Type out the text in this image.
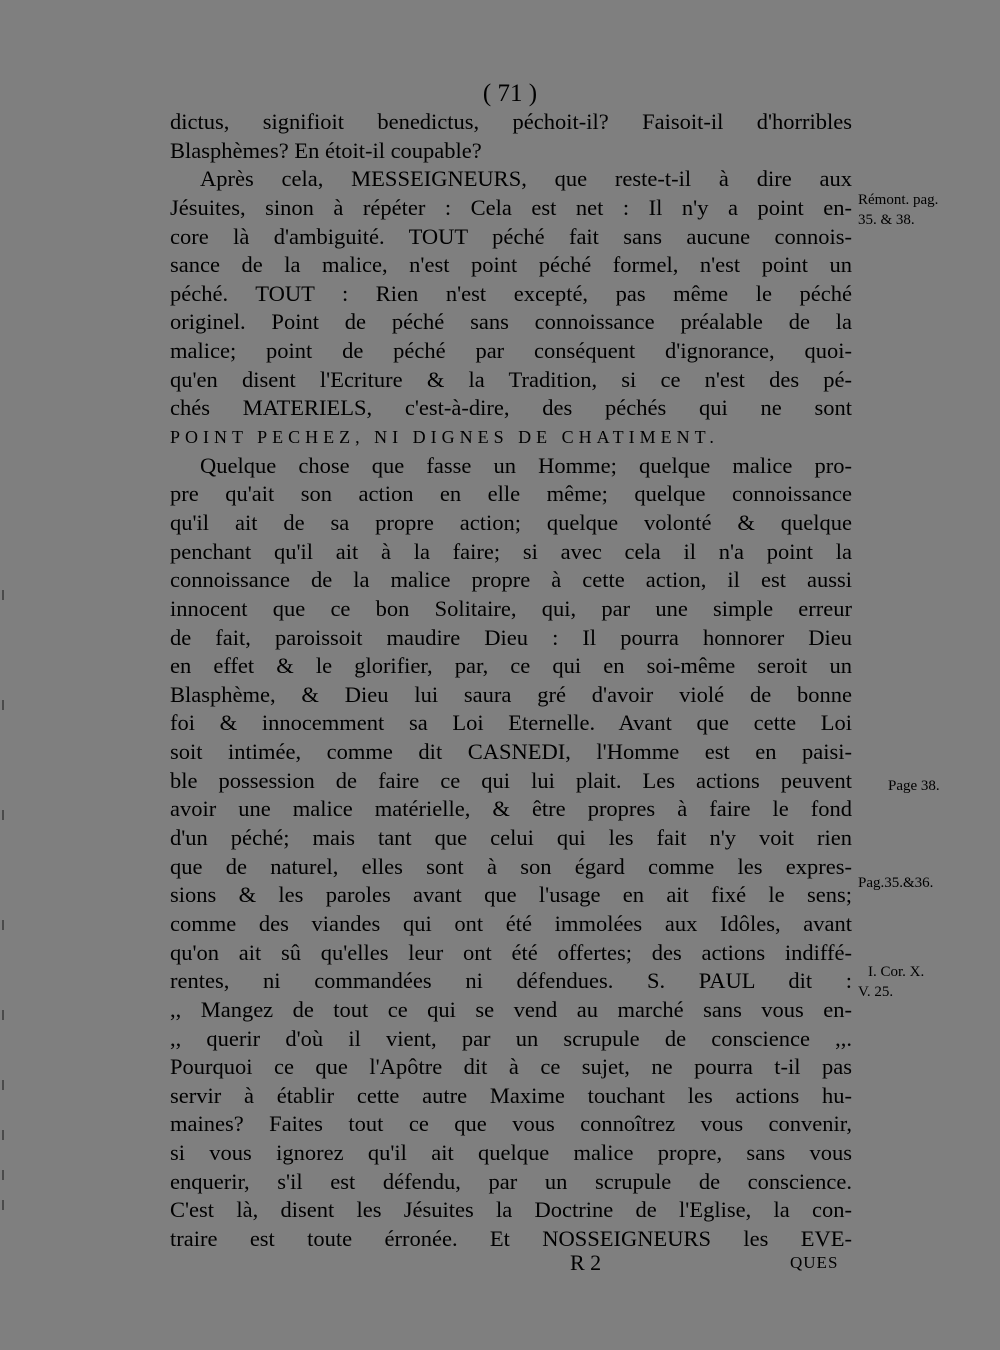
( 71 )
dictus, signifioit benedictus, péchoit-il? Faisoit-il d'horribles
Blasphèmes? En étoit-il coupable?
Après cela, MESSEIGNEURS, que reste-t-il à dire aux
Jésuites, sinon à répéter : Cela est net : Il n'y a point en-
core là d'ambiguité. TOUT péché fait sans aucune connois-
sance de la malice, n'est point péché formel, n'est point un
péché. TOUT : Rien n'est excepté, pas même le péché
originel. Point de péché sans connoissance préalable de la
malice; point de péché par conséquent d'ignorance, quoi-
qu'en disent l'Ecriture & la Tradition, si ce n'est des pé-
chés MATERIELS, c'est-à-dire, des péchés qui ne sont
POINT PECHEZ, NI DIGNES DE CHATIMENT.
Quelque chose que fasse un Homme; quelque malice pro-
pre qu'ait son action en elle même; quelque connoissance
qu'il ait de sa propre action; quelque volonté & quelque
penchant qu'il ait à la faire; si avec cela il n'a point la
connoissance de la malice propre à cette action, il est aussi
innocent que ce bon Solitaire, qui, par une simple erreur
de fait, paroissoit maudire Dieu : Il pourra honnorer Dieu
en effet & le glorifier, par, ce qui en soi-même seroit un
Blasphème, & Dieu lui saura gré d'avoir violé de bonne
foi & innocemment sa Loi Eternelle. Avant que cette Loi
soit intimée, comme dit CASNEDI, l'Homme est en paisi-
ble possession de faire ce qui lui plait. Les actions peuvent
avoir une malice matérielle, & être propres à faire le fond
d'un péché; mais tant que celui qui les fait n'y voit rien
que de naturel, elles sont à son égard comme les expres-
sions & les paroles avant que l'usage en ait fixé le sens;
comme des viandes qui ont été immolées aux Idôles, avant
qu'on ait sû qu'elles leur ont été offertes; des actions indiffé-
rentes, ni commandées ni défendues. S. PAUL dit :
,, Mangez de tout ce qui se vend au marché sans vous en-
,, querir d'où il vient, par un scrupule de conscience ,,.
Pourquoi ce que l'Apôtre dit à ce sujet, ne pourra t-il pas
servir à établir cette autre Maxime touchant les actions hu-
maines? Faites tout ce que vous connoîtrez vous convenir,
si vous ignorez qu'il ait quelque malice propre, sans vous
enquerir, s'il est défendu, par un scrupule de conscience.
C'est là, disent les Jésuites la Doctrine de l'Eglise, la con-
traire est toute érronée. Et NOSSEIGNEURS les EVE-
Rémont. pag.
35. & 38.
Page 38.
Pag.35.&36.
I. Cor. X.
V. 25.
R 2	QUES
